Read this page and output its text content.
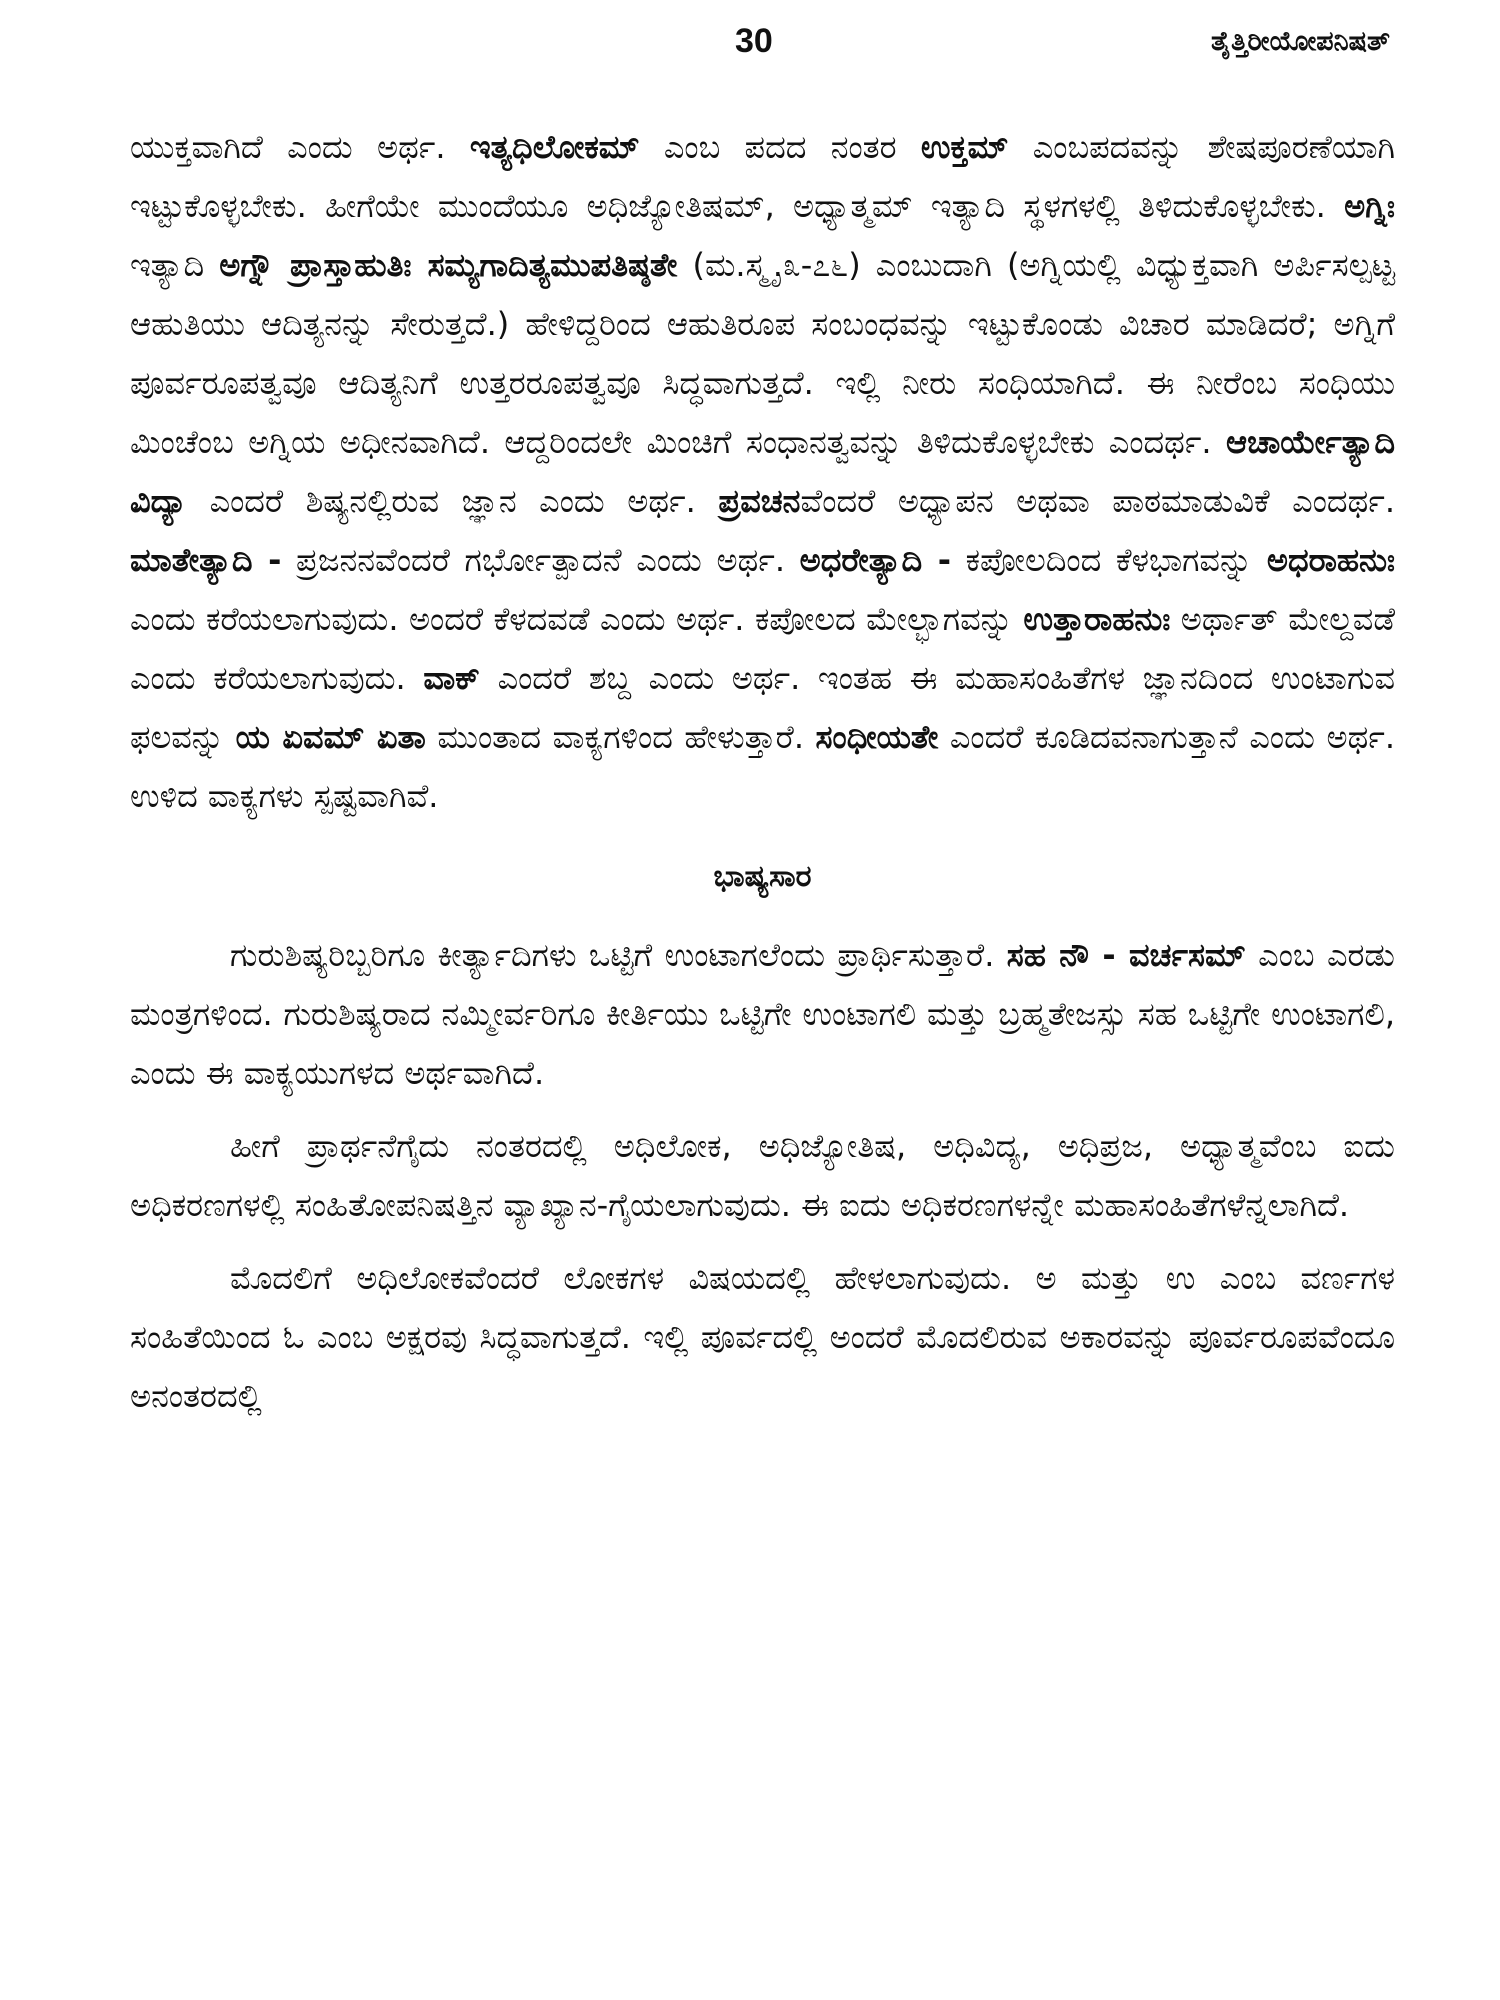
30	ತೈತ್ತಿರೀಯೋಪನಿಷತ್

ಯುಕ್ತವಾಗಿದೆ ಎಂದು ಅರ್ಥ. ಇತ್ಯಧಿಲೋಕಮ್ ಎಂಬ ಪದದ ನಂತರ ಉಕ್ತಮ್ ಎಂಬಪದವನ್ನು ಶೇಷಪೂರಣೆಯಾಗಿ ಇಟ್ಟುಕೊಳ್ಳಬೇಕು. ಹೀಗೆಯೇ ಮುಂದೆಯೂ ಅಧಿಜ್ಯೋತಿಷಮ್, ಅಧ್ಯಾತ್ಮಮ್ ಇತ್ಯಾದಿ ಸ್ಥಳಗಳಲ್ಲಿ ತಿಳಿದುಕೊಳ್ಳಬೇಕು. ಅಗ್ನಿಃ ಇತ್ಯಾದಿ ಅಗ್ನೌ ಪ್ರಾಸ್ತಾಹುತಿಃ ಸಮ್ಯಗಾದಿತ್ಯಮುಪತಿಷ್ಠತೇ (ಮ.ಸ್ಮೃ.೩-೭೬) ಎಂಬುದಾಗಿ (ಅಗ್ನಿಯಲ್ಲಿ ವಿಧ್ಯುಕ್ತವಾಗಿ ಅರ್ಪಿಸಲ್ಪಟ್ಟ ಆಹುತಿಯು ಆದಿತ್ಯನನ್ನು ಸೇರುತ್ತದೆ.) ಹೇಳಿದ್ದರಿಂದ ಆಹುತಿರೂಪ ಸಂಬಂಧವನ್ನು ಇಟ್ಟುಕೊಂಡು ವಿಚಾರ ಮಾಡಿದರೆ; ಅಗ್ನಿಗೆ ಪೂರ್ವರೂಪತ್ವವೂ ಆದಿತ್ಯನಿಗೆ ಉತ್ತರರೂಪತ್ವವೂ ಸಿದ್ಧವಾಗುತ್ತದೆ. ಇಲ್ಲಿ ನೀರು ಸಂಧಿಯಾಗಿದೆ. ಈ ನೀರೆಂಬ ಸಂಧಿಯು ಮಿಂಚೆಂಬ ಅಗ್ನಿಯ ಅಧೀನವಾಗಿದೆ. ಆದ್ದರಿಂದಲೇ ಮಿಂಚಿಗೆ ಸಂಧಾನತ್ವವನ್ನು ತಿಳಿದುಕೊಳ್ಳಬೇಕು ಎಂದರ್ಥ. ಆಚಾರ್ಯೇತ್ಯಾದಿ ವಿದ್ಯಾ ಎಂದರೆ ಶಿಷ್ಯನಲ್ಲಿರುವ ಜ್ಞಾನ ಎಂದು ಅರ್ಥ. ಪ್ರವಚನವೆಂದರೆ ಅಧ್ಯಾಪನ ಅಥವಾ ಪಾಠಮಾಡುವಿಕೆ ಎಂದರ್ಥ. ಮಾತೇತ್ಯಾದಿ - ಪ್ರಜನನವೆಂದರೆ ಗರ್ಭೋತ್ಪಾದನೆ ಎಂದು ಅರ್ಥ. ಅಧರೇತ್ಯಾದಿ - ಕಪೋಲದಿಂದ ಕೆಳಭಾಗವನ್ನು ಅಧರಾಹನುಃ ಎಂದು ಕರೆಯಲಾಗುವುದು. ಅಂದರೆ ಕೆಳದವಡೆ ಎಂದು ಅರ್ಥ. ಕಪೋಲದ ಮೇಲ್ಭಾಗವನ್ನು ಉತ್ತಾರಾಹನುಃ ಅರ್ಥಾತ್ ಮೇಲ್ದವಡೆ ಎಂದು ಕರೆಯಲಾಗುವುದು. ವಾಕ್ ಎಂದರೆ ಶಬ್ದ ಎಂದು ಅರ್ಥ. ಇಂತಹ ಈ ಮಹಾಸಂಹಿತೆಗಳ ಜ್ಞಾನದಿಂದ ಉಂಟಾಗುವ ಫಲವನ್ನು ಯ ಏವಮ್ ಏತಾ ಮುಂತಾದ ವಾಕ್ಯಗಳಿಂದ ಹೇಳುತ್ತಾರೆ. ಸಂಧೀಯತೇ ಎಂದರೆ ಕೂಡಿದವನಾಗುತ್ತಾನೆ ಎಂದು ಅರ್ಥ. ಉಳಿದ ವಾಕ್ಯಗಳು ಸ್ಪಷ್ಟವಾಗಿವೆ.

ಭಾಷ್ಯಸಾರ

ಗುರುಶಿಷ್ಯರಿಬ್ಬರಿಗೂ ಕೀರ್ತ್ಯಾದಿಗಳು ಒಟ್ಟಿಗೆ ಉಂಟಾಗಲೆಂದು ಪ್ರಾರ್ಥಿಸುತ್ತಾರೆ. ಸಹ ನೌ - ವರ್ಚಸಮ್ ಎಂಬ ಎರಡು ಮಂತ್ರಗಳಿಂದ. ಗುರುಶಿಷ್ಯರಾದ ನಮ್ಮೀರ್ವರಿಗೂ ಕೀರ್ತಿಯು ಒಟ್ಟಿಗೇ ಉಂಟಾಗಲಿ ಮತ್ತು ಬ್ರಹ್ಮತೇಜಸ್ಸು ಸಹ ಒಟ್ಟಿಗೇ ಉಂಟಾಗಲಿ, ಎಂದು ಈ ವಾಕ್ಯಯುಗಳದ ಅರ್ಥವಾಗಿದೆ.

ಹೀಗೆ ಪ್ರಾರ್ಥನೆಗೈದು ನಂತರದಲ್ಲಿ ಅಧಿಲೋಕ, ಅಧಿಜ್ಯೋತಿಷ, ಅಧಿವಿದ್ಯ, ಅಧಿಪ್ರಜ, ಅಧ್ಯಾತ್ಮವೆಂಬ ಐದು ಅಧಿಕರಣಗಳಲ್ಲಿ ಸಂಹಿತೋಪನಿಷತ್ತಿನ ವ್ಯಾಖ್ಯಾನ-ಗೈಯಲಾಗುವುದು. ಈ ಐದು ಅಧಿಕರಣಗಳನ್ನೇ ಮಹಾಸಂಹಿತೆಗಳೆನ್ನಲಾಗಿದೆ.

ಮೊದಲಿಗೆ ಅಧಿಲೋಕವೆಂದರೆ ಲೋಕಗಳ ವಿಷಯದಲ್ಲಿ ಹೇಳಲಾಗುವುದು. ಅ ಮತ್ತು ಉ ಎಂಬ ವರ್ಣಗಳ ಸಂಹಿತೆಯಿಂದ ಓ ಎಂಬ ಅಕ್ಷರವು ಸಿದ್ಧವಾಗುತ್ತದೆ. ಇಲ್ಲಿ ಪೂರ್ವದಲ್ಲಿ ಅಂದರೆ ಮೊದಲಿರುವ ಅಕಾರವನ್ನು ಪೂರ್ವರೂಪವೆಂದೂ ಅನಂತರದಲ್ಲಿ
